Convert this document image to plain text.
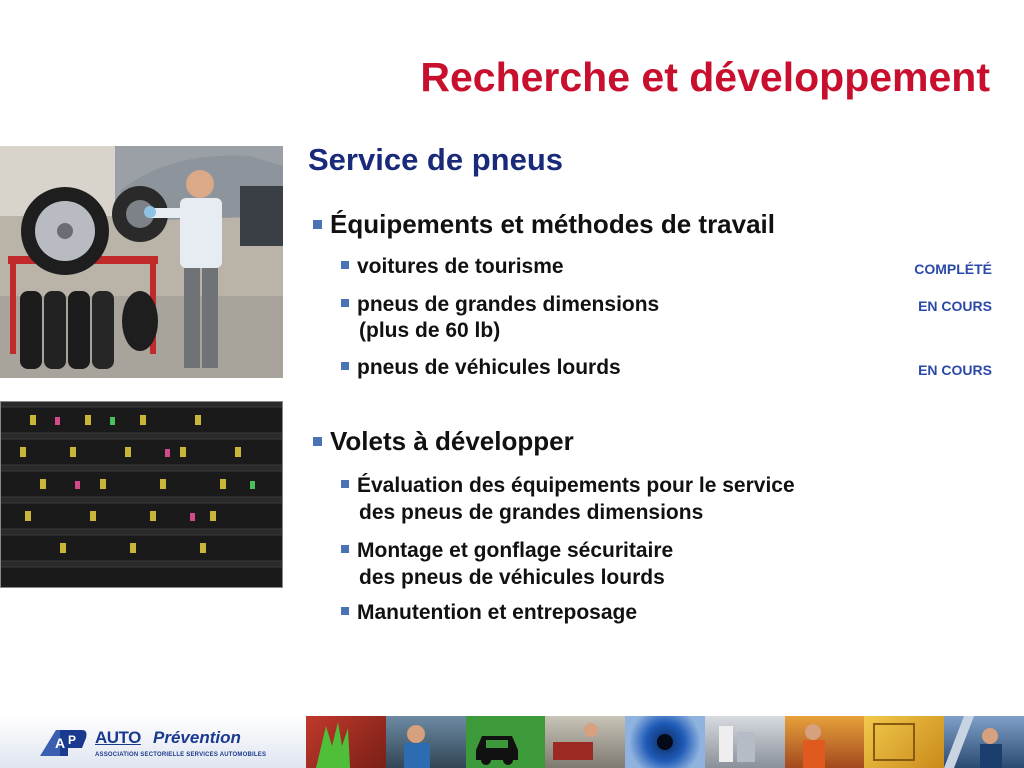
Recherche et développement
Service de pneus
Équipements et méthodes de travail
voitures de tourisme	COMPLÉTÉ
pneus de grandes dimensions
(plus de 60 lb)
EN COURS
pneus de véhicules lourds	EN COURS
Volets à développer
Évaluation des équipements pour le service
des pneus de grandes dimensions
Montage et gonflage sécuritaire
des pneus de véhicules lourds
Manutention et entreposage
A P AUTO Prévention
ASSOCIATION SECTORIELLE SERVICES AUTOMOBILES
